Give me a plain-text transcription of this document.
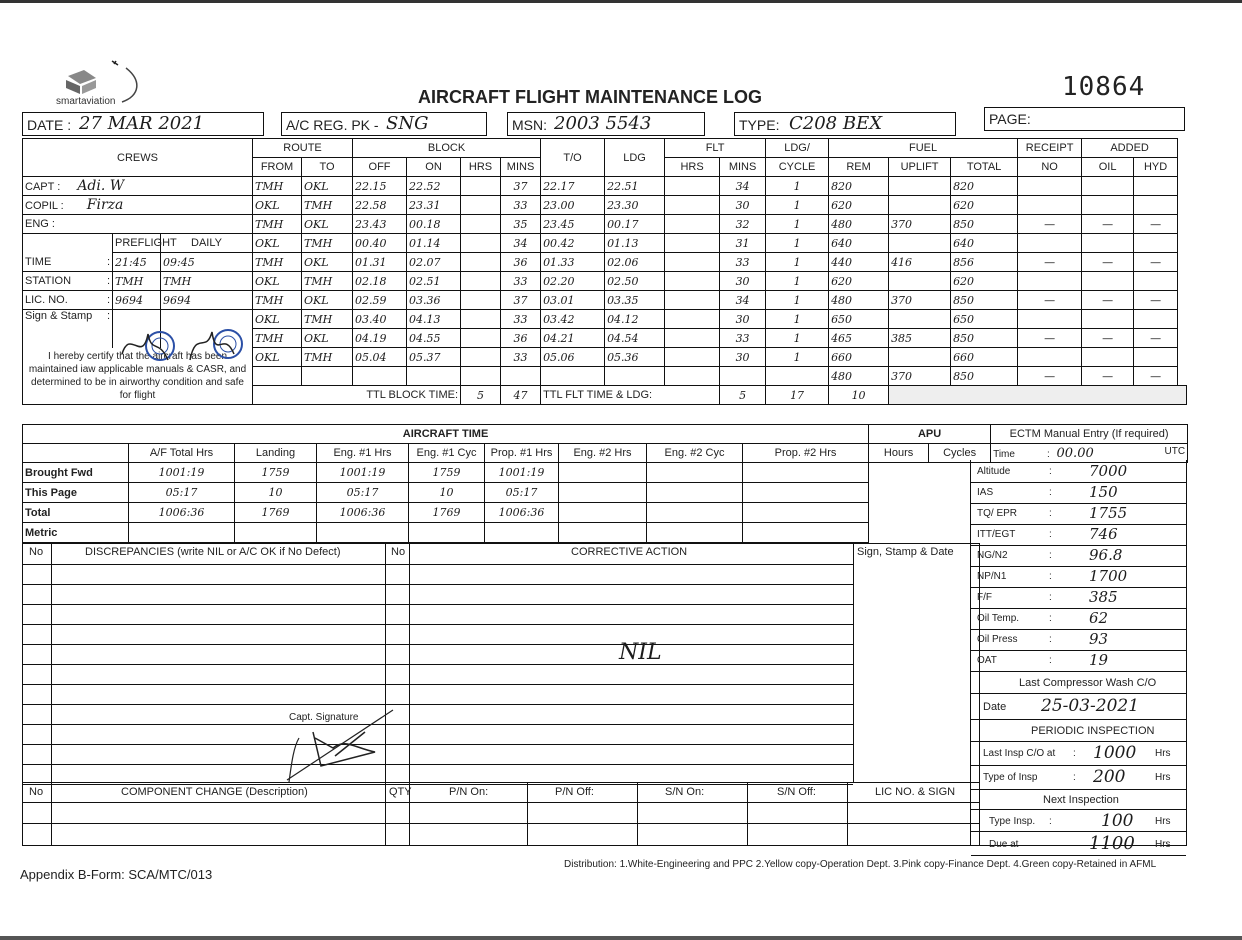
smartaviation	10864
AIRCRAFT FLIGHT MAINTENANCE LOG
DATE : 27 MAR 2021	A/C REG. PK - SNG	MSN: 2003 5543	TYPE: C208 BEX	PAGE:
CREWS			ROUTE		BLOCK				T/O	LDG	FLT		LDG/	FUEL			RECEIPT	ADDED	
			FROM	TO	OFF	ON	HRS	MINS			HRS	MINS	CYCLE	REM	UPLIFT	TOTAL	NO	OIL	HYD
CAPT : Adi. W			TMH	OKL	22.15	22.52		37	22.17	22.51		34	1	820		820			
COPIL : Firza			OKL	TMH	22.58	23.31		33	23.00	23.30		30	1	620		620			
ENG :			TMH	OKL	23.43	00.18		35	23.45	00.17		32	1	480	370	850	—	—	—
	PREFLIGHT	DAILY	OKL	TMH	00.40	01.14		34	00.42	01.13		31	1	640		640			
TIME :	21:45	09:45	TMH	OKL	01.31	02.07		36	01.33	02.06		33	1	440	416	856	—	—	—
STATION :	TMH	TMH	OKL	TMH	02.18	02.51		33	02.20	02.50		30	1	620		620			
LIC. NO. :	9694	9694	TMH	OKL	02.59	03.36		37	03.01	03.35		34	1	480	370	850	—	—	—
Sign & Stamp :			OKL	TMH	03.40	04.13		33	03.42	04.12		30	1	650		650			
			TMH	OKL	04.19	04.55		36	04.21	04.54		33	1	465	385	850	—	—	—

I hereby certify that the aircraft has been
maintained iaw applicable manuals & CASR, and
determined to be in airworthy condition and safe
for flight			OKL	TMH	05.04	05.37		33	05.06	05.36		30	1	660		660			
														480	370	850	—	—	—
			TTL BLOCK TIME:				5	47	TTL FLT TIME & LDG:			5	17	10					
AIRCRAFT TIME									APU		ECTM Manual Entry (If required)
	A/F Total Hrs	Landing	Eng. #1 Hrs	Eng. #1 Cyc	Prop. #1 Hrs	Eng. #2 Hrs	Eng. #2 Cyc	Prop. #2 Hrs	Hours	Cycles	Time : 00.00 UTC
Brought Fwd	1001:19	1759	1001:19	1759	1001:19			
This Page	05:17	10	05:17	10	05:17			
Total	1006:36	1769	1006:36	1769	1006:36			
Metric								
No	DISCREPANCIES (write NIL or A/C OK if No Defect)	No	CORRECTIVE ACTION	Sign, Stamp & Date
NIL
Capt. Signature
No	COMPONENT CHANGE (Description)	QTY	P/N On:	P/N Off:	S/N On:	S/N Off:	LIC NO. & SIGN
Altitude	: 7000
IAS	: 150
TQ/ EPR	: 1755
ITT/EGT	: 746
NG/N2	: 96.8
NP/N1	: 1700
F/F	: 385
Oil Temp.	: 62
Oil Press	: 93
OAT	: 19
Last Compressor Wash C/O
Date 25-03-2021
PERIODIC INSPECTION
Last Insp C/O at : 1000 Hrs
Type of Insp	: 200	Hrs
Next Inspection
Type Insp. :	100 Hrs
Due at	1100 Hrs
Appendix B-Form: SCA/MTC/013
Distribution: 1.White-Engineering and PPC 2.Yellow copy-Operation Dept. 3.Pink copy-Finance Dept. 4.Green copy-Retained in AFML
